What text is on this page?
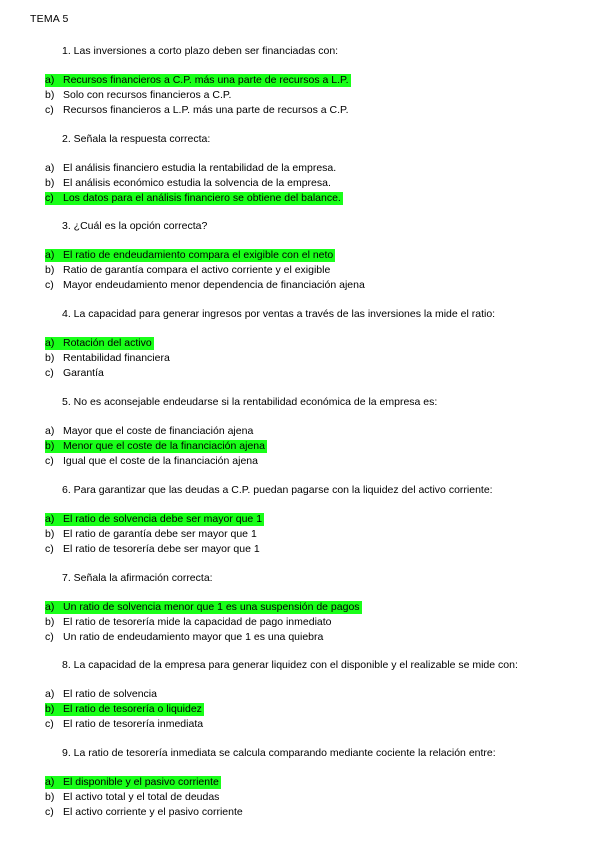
TEMA 5
1. Las inversiones a corto plazo deben ser financiadas con:
a) Recursos financieros a C.P. más una parte de recursos a L.P.
b) Solo con recursos financieros a C.P.
c) Recursos financieros a L.P. más una parte de recursos a C.P.
2. Señala la respuesta correcta:
a) El análisis financiero estudia la rentabilidad de la empresa.
b) El análisis económico estudia la solvencia de la empresa.
c) Los datos para el análisis financiero se obtiene del balance.
3. ¿Cuál es la opción correcta?
a) El ratio de endeudamiento compara el exigible con el neto
b) Ratio de garantía compara el activo corriente y el exigible
c) Mayor endeudamiento menor dependencia de financiación ajena
4. La capacidad para generar ingresos por ventas a través de las inversiones la mide el ratio:
a) Rotación del activo
b) Rentabilidad financiera
c) Garantía
5. No es aconsejable endeudarse si la rentabilidad económica de la empresa es:
a) Mayor que el coste de financiación ajena
b) Menor que el coste de la financiación ajena
c) Igual que el coste de la financiación ajena
6. Para garantizar que las deudas a C.P. puedan pagarse con la liquidez del activo corriente:
a) El ratio de solvencia debe ser mayor que 1
b) El ratio de garantía debe ser mayor que 1
c) El ratio de tesorería debe ser mayor que 1
7. Señala la afirmación correcta:
a) Un ratio de solvencia menor que 1 es una suspensión de pagos
b) El ratio de tesorería mide la capacidad de pago inmediato
c) Un ratio de endeudamiento mayor que 1 es una quiebra
8. La capacidad de la empresa para generar liquidez con el disponible y el realizable se mide con:
a) El ratio de solvencia
b) El ratio de tesorería o liquidez
c) El ratio de tesorería inmediata
9. La ratio de tesorería inmediata se calcula comparando mediante cociente la relación entre:
a) El disponible y el pasivo corriente
b) El activo total y el total de deudas
c) El activo corriente y el pasivo corriente
